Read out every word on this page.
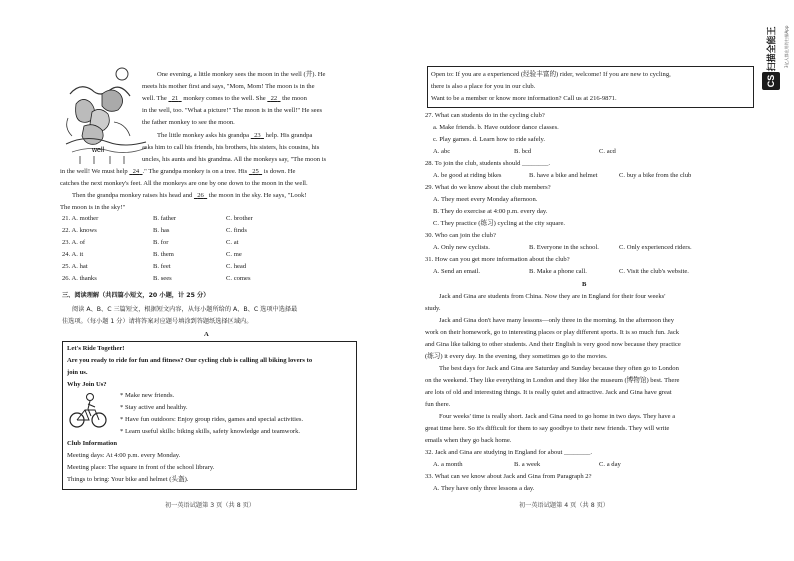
well
One evening, a little monkey sees the moon in the well (井). He
meets his mother first and says, "Mom, Mom! The moon is in the
well. The   21   monkey comes to the well. She   22   the moon
in the well, too. "What a picture!" The moon is in the well!" He sees
the father monkey to see the moon.
The little monkey asks his grandpa   23   help. His grandpa
asks him to call his friends, his brothers, his sisters, his cousins, his
uncles, his aunts and his grandma. All the monkeys say, "The moon is
in the well! We must help   24 ." The grandpa monkey is on a tree. His   25   is down. He
catches the next monkey's feet. All the monkeys are one by one down to the moon in the well.
Then the grandpa monkey raises his head and   26   the moon in the sky. He says, "Look!
The moon is in the sky!"
21. A. mother	B. father	C. brother
22. A. knows	B. has	C. finds
23. A. of	B. for	C. at
24. A. it	B. them	C. me
25. A. hat	B. feet	C. head
26. A. thanks	B. sees	C. comes
三、阅读理解（共四篇小短文，20 小题，计 25 分）
阅读 A、B、C 三篇短文，根据短文内容，从每小题所给的 A、B、C 选项中选择最
佳选项。（每小题 1 分）请将答案对应题号填涂到答题纸选择区域内。
A
Let's Ride Together!
Are you ready to ride for fun and fitness? Our cycling club is calling all biking lovers to
join us.
Why Join Us?
* Make new friends.
* Stay active and healthy.
* Have fun outdoors: Enjoy group rides, games and special activities.
* Learn useful skills: biking skills, safety knowledge and teamwork.
Club Information
Meeting days: At 4:00 p.m. every Monday.
Meeting place: The square in front of the school library.
Things to bring: Your bike and helmet (头盔).
初一英语试题第 3 页（共 8 页）
Open to: If you are a experienced (经验丰富的) rider, welcome! If you are new to cycling,
there is also a place for you in our club.
Want to be a member or know more information? Call us at 216-9871.
27. What can students do in the cycling club?
a. Make friends. b. Have outdoor dance classes.
c. Play games. d. Learn how to ride safely.
A. abc	B. bcd	C. acd
28. To join the club, students should ________.
A. be good at riding bikes	B. have a bike and helmet	C. buy a bike from the club
29. What do we know about the club members?
A. They meet every Monday afternoon.
B. They do exercise at 4:00 p.m. every day.
C. They practice (练习) cycling at the city square.
30. Who can join the club?
A. Only new cyclists.	B. Everyone in the school.	C. Only experienced riders.
31. How can you get more information about the club?
A. Send an email.	B. Make a phone call.	C. Visit the club's website.
B
Jack and Gina are students from China. Now they are in England for their four weeks'
study.
Jack and Gina don't have many lessons—only three in the morning. In the afternoon they
work on their homework, go to interesting places or play different sports. It is so much fun. Jack
and Gina like talking to other students. And their English is very good now because they practice
(练习) it every day. In the evening, they sometimes go to the movies.
The best days for Jack and Gina are Saturday and Sunday because they often go to London
on the weekend. They like everything in London and they like the museum (博物馆) best. There
are lots of old and interesting things. It is really quiet and attractive. Jack and Gina have great
fun there.
Four weeks' time is really short. Jack and Gina need to go home in two days. They have a
great time here. So it's difficult for them to say goodbye to their new friends. They will write
emails when they go back home.
32. Jack and Gina are studying in England for about ________.
A. a month	B. a week	C. a day
33. What can we know about Jack and Gina from Paragraph 2?
A. They have only three lessons a day.
初一英语试题第 4 页（共 8 页）
CS
扫描全能王 3亿人都在用的扫描App
